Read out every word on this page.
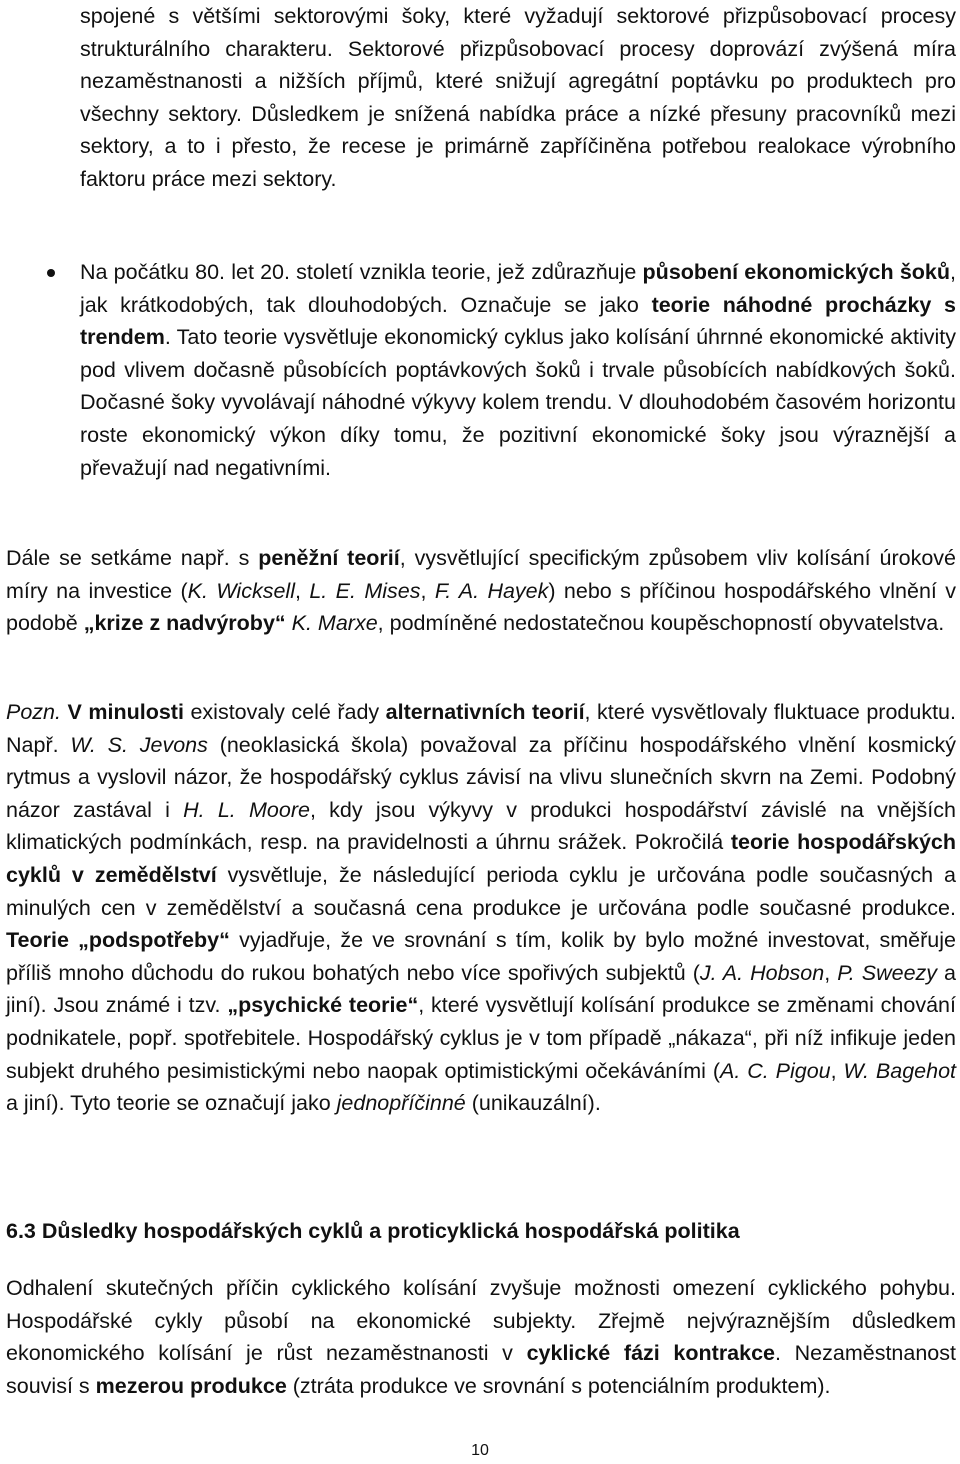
spojené s většími sektorovými šoky, které vyžadují sektorové přizpůsobovací procesy strukturálního charakteru. Sektorové přizpůsobovací procesy doprovází zvýšená míra nezaměstnanosti a nižších příjmů, které snižují agregátní poptávku po produktech pro všechny sektory. Důsledkem je snížená nabídka práce a nízké přesuny pracovníků mezi sektory, a to i přesto, že recese je primárně zapříčiněna potřebou realokace výrobního faktoru práce mezi sektory.

Na počátku 80. let 20. století vznikla teorie, jež zdůrazňuje působení ekonomických šoků, jak krátkodobých, tak dlouhodobých. Označuje se jako teorie náhodné procházky s trendem. Tato teorie vysvětluje ekonomický cyklus jako kolísání úhrnné ekonomické aktivity pod vlivem dočasně působících poptávkových šoků i trvale působících nabídkových šoků. Dočasné šoky vyvolávají náhodné výkyvy kolem trendu. V dlouhodobém časovém horizontu roste ekonomický výkon díky tomu, že pozitivní ekonomické šoky jsou výraznější a převažují nad negativními.

Dále se setkáme např. s peněžní teorií, vysvětlující specifickým způsobem vliv kolísání úrokové míry na investice (K. Wicksell, L. E. Mises, F. A. Hayek) nebo s příčinou hospodářského vlnění v podobě „krize z nadvýroby“ K. Marxe, podmíněné nedostatečnou koupěschopností obyvatelstva.

Pozn. V minulosti existovaly celé řady alternativních teorií, které vysvětlovaly fluktuace produktu. Např. W. S. Jevons (neoklasická škola) považoval za příčinu hospodářského vlnění kosmický rytmus a vyslovil názor, že hospodářský cyklus závisí na vlivu slunečních skvrn na Zemi. Podobný názor zastával i H. L. Moore, kdy jsou výkyvy v produkci hospodářství závislé na vnějších klimatických podmínkách, resp. na pravidelnosti a úhrnu srážek. Pokročilá teorie hospodářských cyklů v zemědělství vysvětluje, že následující perioda cyklu je určována podle současných a minulých cen v zemědělství a současná cena produkce je určována podle současné produkce. Teorie „podspotřeby“ vyjadřuje, že ve srovnání s tím, kolik by bylo možné investovat, směřuje příliš mnoho důchodu do rukou bohatých nebo více spořivých subjektů (J. A. Hobson, P. Sweezy a jiní). Jsou známé i tzv. „psychické teorie“, které vysvětlují kolísání produkce se změnami chování podnikatele, popř. spotřebitele. Hospodářský cyklus je v tom případě „nákaza“, při níž infikuje jeden subjekt druhého pesimistickými nebo naopak optimistickými očekáváními (A. C. Pigou, W. Bagehot a jiní). Tyto teorie se označují jako jednopříčinné (unikauzální).

6.3 Důsledky hospodářských cyklů a proticyklická hospodářská politika

Odhalení skutečných příčin cyklického kolísání zvyšuje možnosti omezení cyklického pohybu. Hospodářské cykly působí na ekonomické subjekty. Zřejmě nejvýraznějším důsledkem ekonomického kolísání je růst nezaměstnanosti v cyklické fázi kontrakce. Nezaměstnanost souvisí s mezerou produkce (ztráta produkce ve srovnání s potenciálním produktem).

10
